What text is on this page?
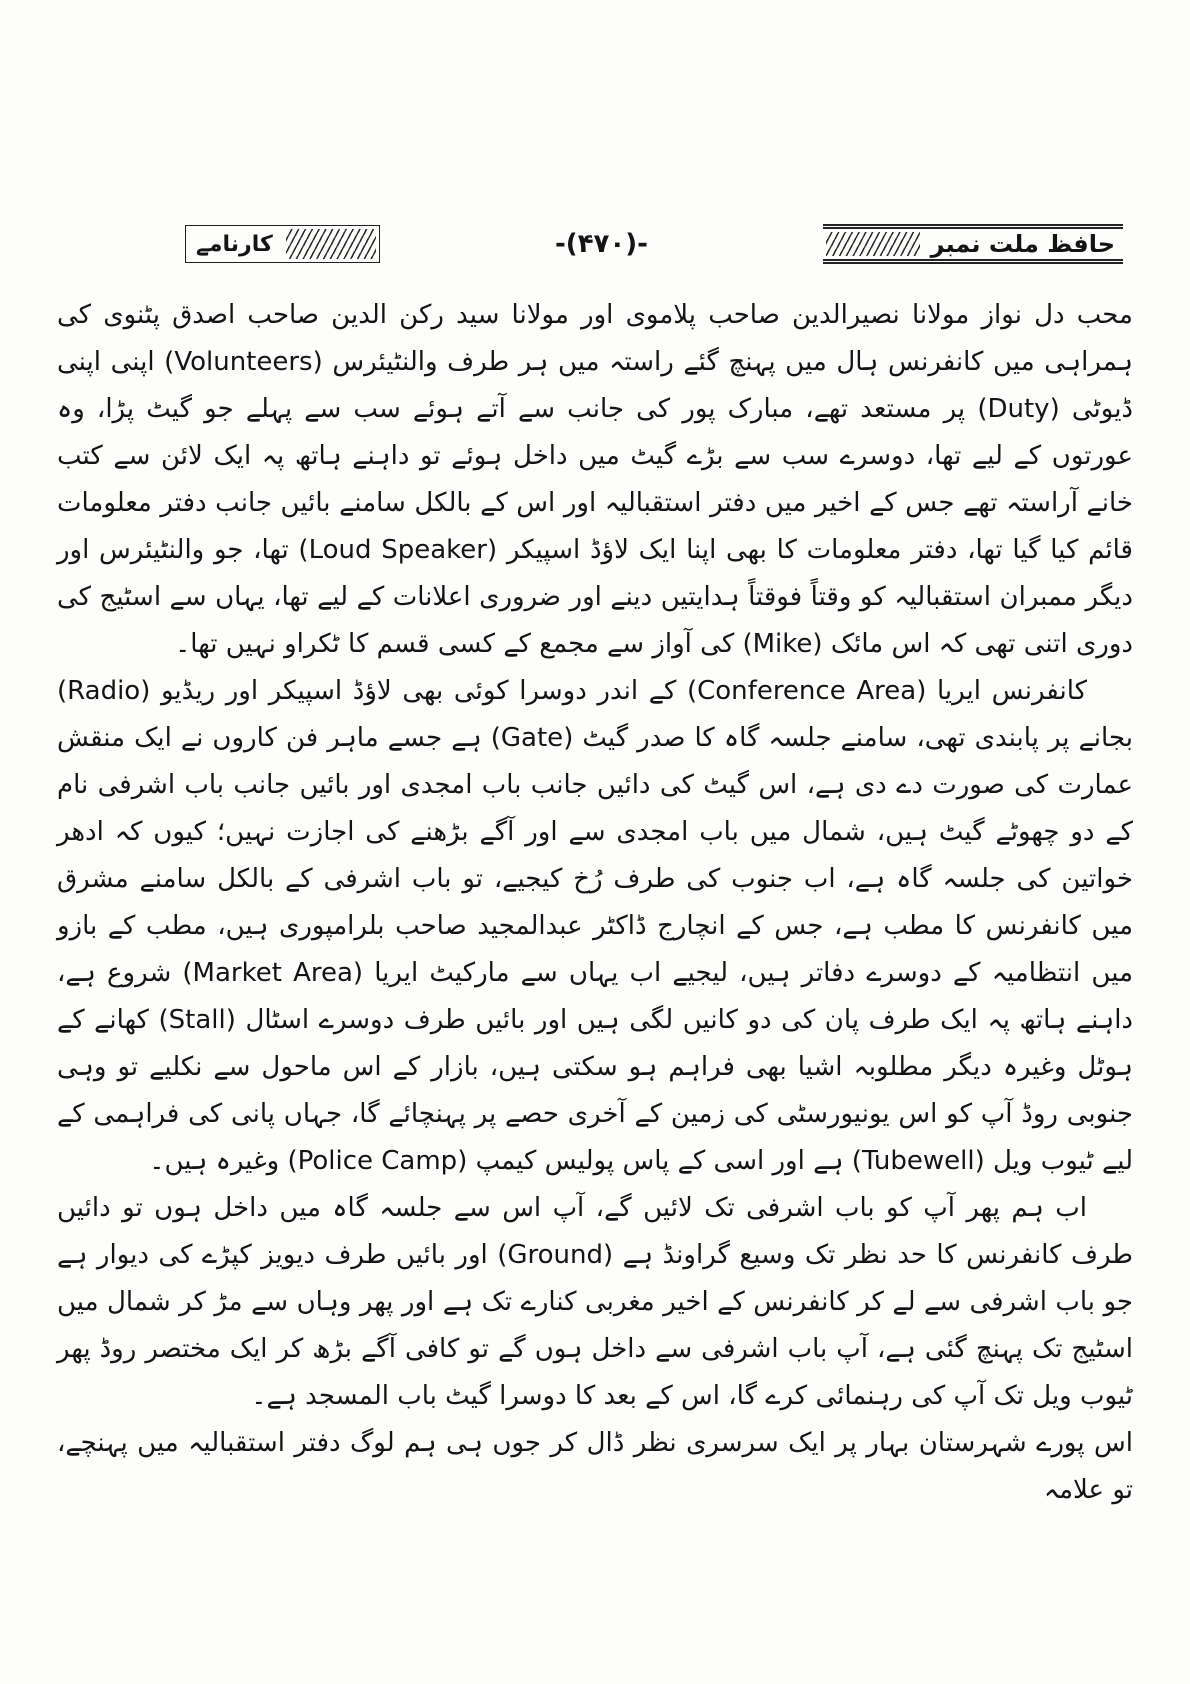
کارنامے	-(۴۷۰)-	حافظ ملت نمبر

محب دل نواز مولانا نصیرالدین صاحب پلاموی اور مولانا سید رکن الدین صاحب اصدق پٹنوی کی ہمراہی میں کانفرنس ہال میں پہنچ گئے راستہ میں ہر طرف والنٹیئرس (Volunteers) اپنی اپنی ڈیوٹی (Duty) پر مستعد تھے، مبارک پور کی جانب سے آتے ہوئے سب سے پہلے جو گیٹ پڑا، وہ عورتوں کے لیے تھا، دوسرے سب سے بڑے گیٹ میں داخل ہوئے تو داہنے ہاتھ پہ ایک لائن سے کتب خانے آراستہ تھے جس کے اخیر میں دفتر استقبالیہ اور اس کے بالکل سامنے بائیں جانب دفتر معلومات قائم کیا گیا تھا، دفتر معلومات کا بھی اپنا ایک لاؤڈ اسپیکر (Loud Speaker) تھا، جو والنٹیئرس اور دیگر ممبران استقبالیہ کو وقتاً فوقتاً ہدایتیں دینے اور ضروری اعلانات کے لیے تھا، یہاں سے اسٹیج کی دوری اتنی تھی کہ اس مائک (Mike) کی آواز سے مجمع کے کسی قسم کا ٹکراو نہیں تھا۔

کانفرنس ایریا (Conference Area) کے اندر دوسرا کوئی بھی لاؤڈ اسپیکر اور ریڈیو (Radio) بجانے پر پابندی تھی، سامنے جلسہ گاہ کا صدر گیٹ (Gate) ہے جسے ماہر فن کاروں نے ایک منقش عمارت کی صورت دے دی ہے، اس گیٹ کی دائیں جانب باب امجدی اور بائیں جانب باب اشرفی نام کے دو چھوٹے گیٹ ہیں، شمال میں باب امجدی سے اور آگے بڑھنے کی اجازت نہیں؛ کیوں کہ ادھر خواتین کی جلسہ گاہ ہے، اب جنوب کی طرف رُخ کیجیے، تو باب اشرفی کے بالکل سامنے مشرق میں کانفرنس کا مطب ہے، جس کے انچارج ڈاکٹر عبدالمجید صاحب بلرامپوری ہیں، مطب کے بازو میں انتظامیہ کے دوسرے دفاتر ہیں، لیجیے اب یہاں سے مارکیٹ ایریا (Market Area) شروع ہے، داہنے ہاتھ پہ ایک طرف پان کی دو کانیں لگی ہیں اور بائیں طرف دوسرے اسٹال (Stall) کھانے کے ہوٹل وغیرہ دیگر مطلوبہ اشیا بھی فراہم ہو سکتی ہیں، بازار کے اس ماحول سے نکلیے تو وہی جنوبی روڈ آپ کو اس یونیورسٹی کی زمین کے آخری حصے پر پہنچائے گا، جہاں پانی کی فراہمی کے لیے ٹیوب ویل (Tubewell) ہے اور اسی کے پاس پولیس کیمپ (Police Camp) وغیرہ ہیں۔

اب ہم پھر آپ کو باب اشرفی تک لائیں گے، آپ اس سے جلسہ گاہ میں داخل ہوں تو دائیں طرف کانفرنس کا حد نظر تک وسیع گراونڈ ہے (Ground) اور بائیں طرف دیویز کپڑے کی دیوار ہے جو باب اشرفی سے لے کر کانفرنس کے اخیر مغربی کنارے تک ہے اور پھر وہاں سے مڑ کر شمال میں اسٹیج تک پہنچ گئی ہے، آپ باب اشرفی سے داخل ہوں گے تو کافی آگے بڑھ کر ایک مختصر روڈ پھر ٹیوب ویل تک آپ کی رہنمائی کرے گا، اس کے بعد کا دوسرا گیٹ باب المسجد ہے۔

اس پورے شہرستان بہار پر ایک سرسری نظر ڈال کر جوں ہی ہم لوگ دفتر استقبالیہ میں پہنچے، تو علامہ
